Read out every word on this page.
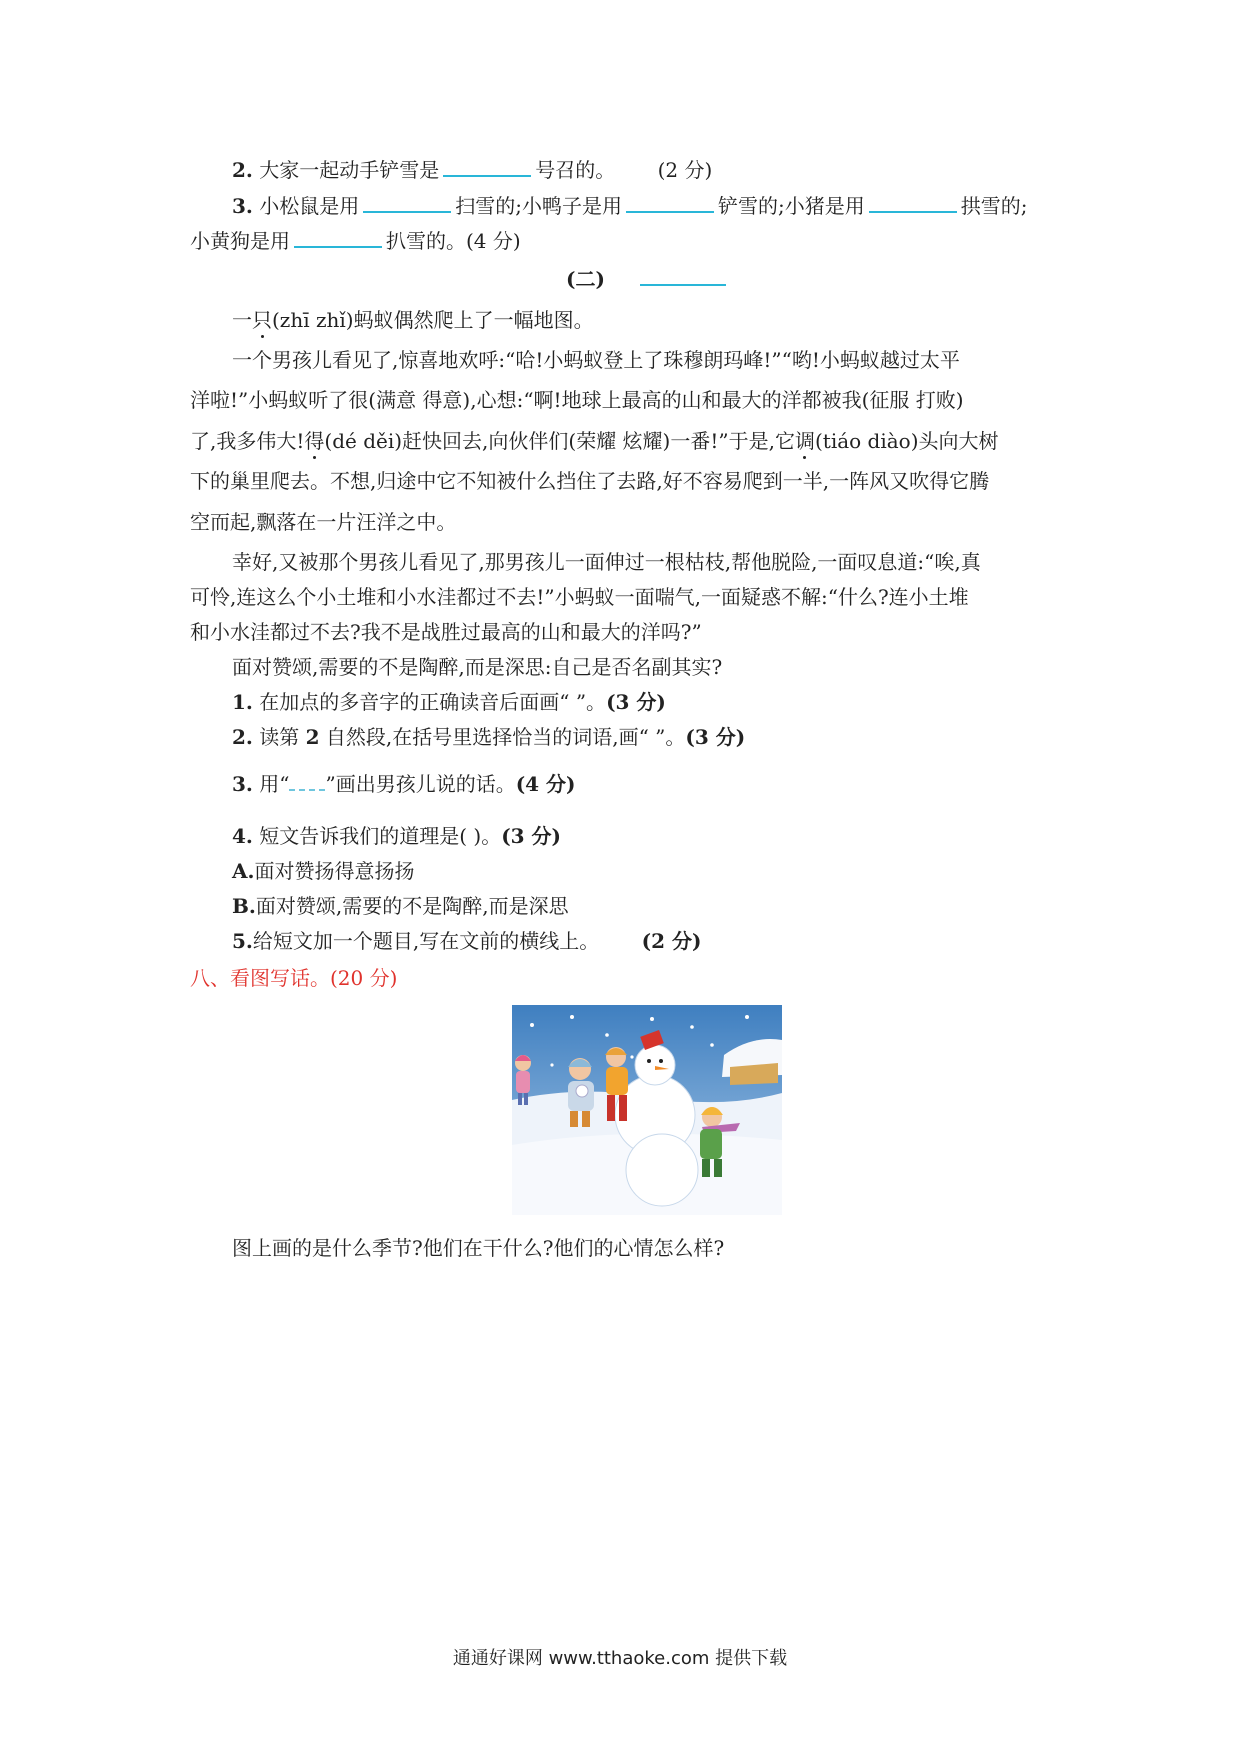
2. 大家一起动手铲雪是	号召的。 (2 分)
3. 小松鼠是用	扫雪的;小鸭子是用	铲雪的;小猪是用	拱雪的;
小黄狗是用	扒雪的。(4 分)
(二)
一只(zhī zhǐ)蚂蚁偶然爬上了一幅地图。
一个男孩儿看见了,惊喜地欢呼:“哈!小蚂蚁登上了珠穆朗玛峰!”“哟!小蚂蚁越过太平
洋啦!”小蚂蚁听了很(满意 得意),心想:“啊!地球上最高的山和最大的洋都被我(征服 打败)
了,我多伟大!得(dé děi)赶快回去,向伙伴们(荣耀 炫耀)一番!”于是,它调(tiáo diào)头向大树
下的巢里爬去。不想,归途中它不知被什么挡住了去路,好不容易爬到一半,一阵风又吹得它腾
空而起,飘落在一片汪洋之中。
幸好,又被那个男孩儿看见了,那男孩儿一面伸过一根枯枝,帮他脱险,一面叹息道:“唉,真
可怜,连这么个小土堆和小水洼都过不去!”小蚂蚁一面喘气,一面疑惑不解:“什么?连小土堆
和小水洼都过不去?我不是战胜过最高的山和最大的洋吗?”
面对赞颂,需要的不是陶醉,而是深思:自己是否名副其实?
1. 在加点的多音字的正确读音后面画“ ”。(3 分)
2. 读第 2 自然段,在括号里选择恰当的词语,画“ ”。(3 分)
3. 用“ ”画出男孩儿说的话。(4 分)
4. 短文告诉我们的道理是( )。(3 分)
A.面对赞扬得意扬扬
B.面对赞颂,需要的不是陶醉,而是深思
5.给短文加一个题目,写在文前的横线上。 (2 分)
八、看图写话。(20 分)
图上画的是什么季节?他们在干什么?他们的心情怎么样?
通通好课网 www.tthaoke.com 提供下载
